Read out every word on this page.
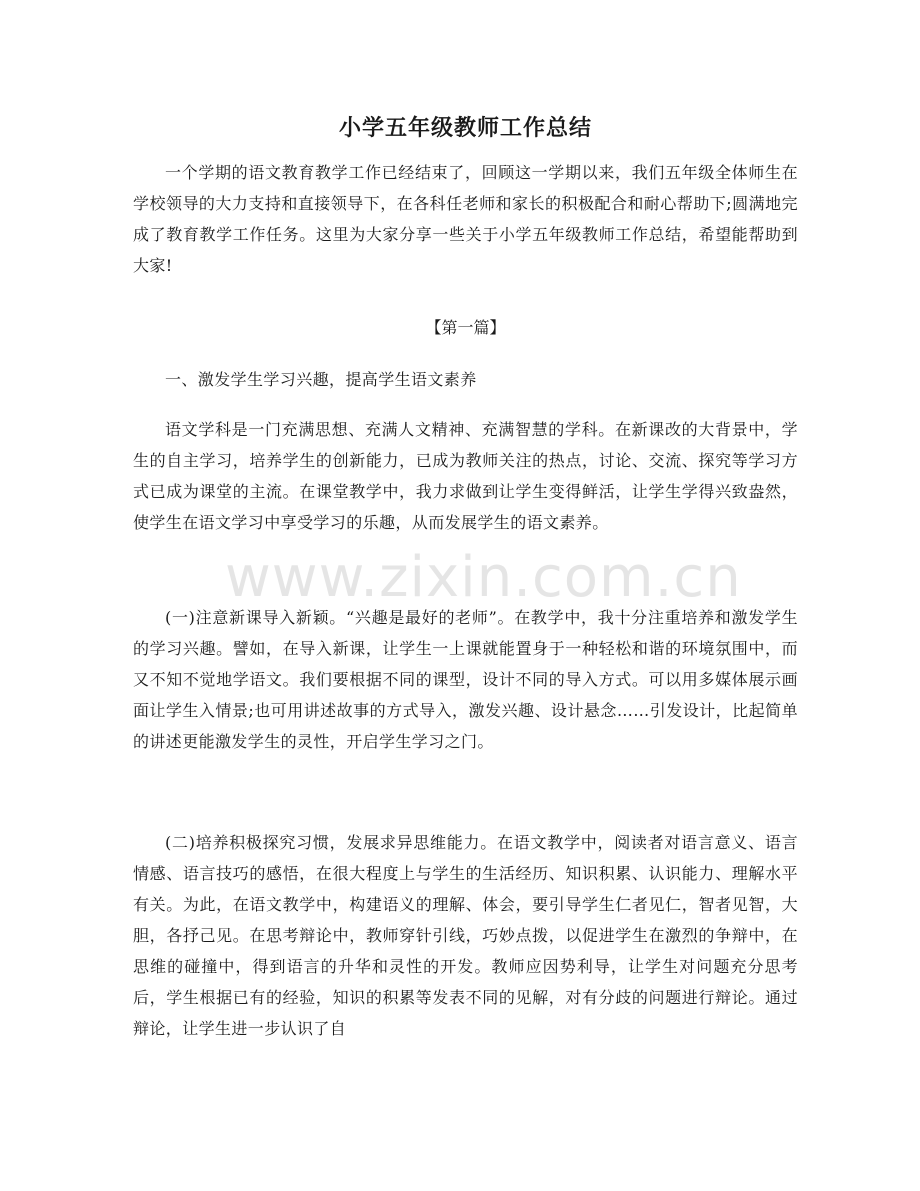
小学五年级教师工作总结

一个学期的语文教育教学工作已经结束了，回顾这一学期以来，我们五年级全体师生在学校领导的大力支持和直接领导下，在各科任老师和家长的积极配合和耐心帮助下;圆满地完成了教育教学工作任务。这里为大家分享一些关于小学五年级教师工作总结，希望能帮助到大家!

【第一篇】

一、激发学生学习兴趣，提高学生语文素养

语文学科是一门充满思想、充满人文精神、充满智慧的学科。在新课改的大背景中，学生的自主学习，培养学生的创新能力，已成为教师关注的热点，讨论、交流、探究等学习方式已成为课堂的主流。在课堂教学中，我力求做到让学生变得鲜活，让学生学得兴致盎然，使学生在语文学习中享受学习的乐趣，从而发展学生的语文素养。

(一)注意新课导入新颖。“兴趣是最好的老师”。在教学中，我十分注重培养和激发学生的学习兴趣。譬如，在导入新课，让学生一上课就能置身于一种轻松和谐的环境氛围中，而又不知不觉地学语文。我们要根据不同的课型，设计不同的导入方式。可以用多媒体展示画面让学生入情景;也可用讲述故事的方式导入，激发兴趣、设计悬念……引发设计，比起简单的讲述更能激发学生的灵性，开启学生学习之门。

(二)培养积极探究习惯，发展求异思维能力。在语文教学中，阅读者对语言意义、语言情感、语言技巧的感悟，在很大程度上与学生的生活经历、知识积累、认识能力、理解水平有关。为此，在语文教学中，构建语义的理解、体会，要引导学生仁者见仁，智者见智，大胆，各抒己见。在思考辩论中，教师穿针引线，巧妙点拨，以促进学生在激烈的争辩中，在思维的碰撞中，得到语言的升华和灵性的开发。教师应因势利导，让学生对问题充分思考后，学生根据已有的经验，知识的积累等发表不同的见解，对有分歧的问题进行辩论。通过辩论，让学生进一步认识了自

www.zixin.com.cn
